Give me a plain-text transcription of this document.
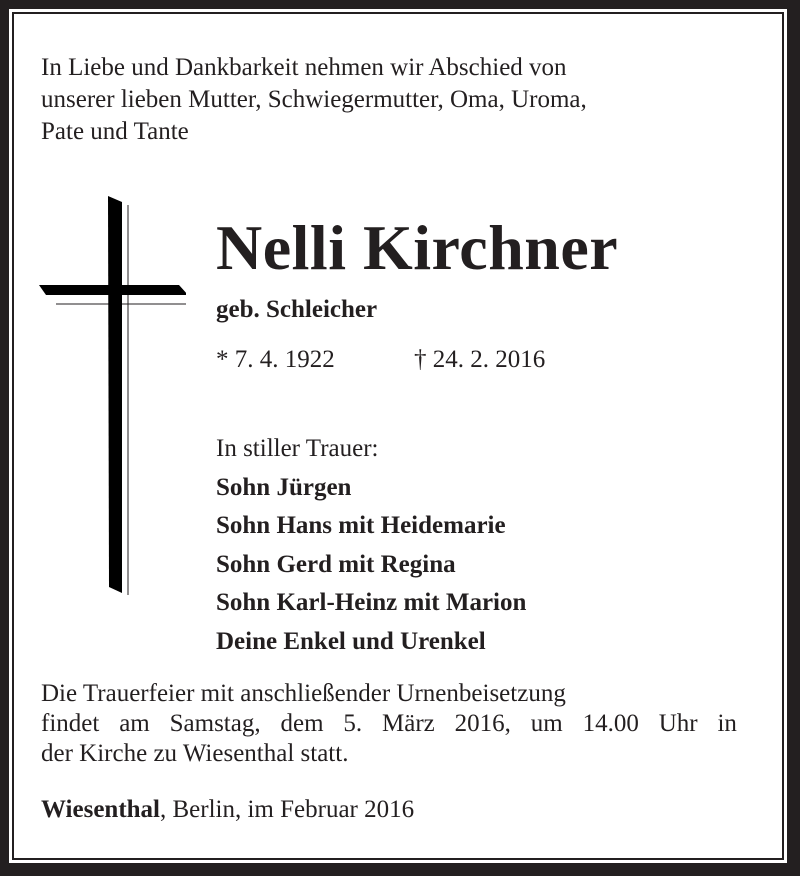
In Liebe und Dankbarkeit nehmen wir Abschied von
unserer lieben Mutter, Schwiegermutter, Oma, Uroma,
Pate und Tante
Nelli Kirchner
geb. Schleicher
* 7. 4. 1922	† 24. 2. 2016
In stiller Trauer:
Sohn Jürgen
Sohn Hans mit Heidemarie
Sohn Gerd mit Regina
Sohn Karl-Heinz mit Marion
Deine Enkel und Urenkel
Die Trauerfeier mit anschließender Urnenbeisetzung
findet am Samstag, dem 5. März 2016, um 14.00 Uhr in
der Kirche zu Wiesenthal statt.
Wiesenthal, Berlin, im Februar 2016
